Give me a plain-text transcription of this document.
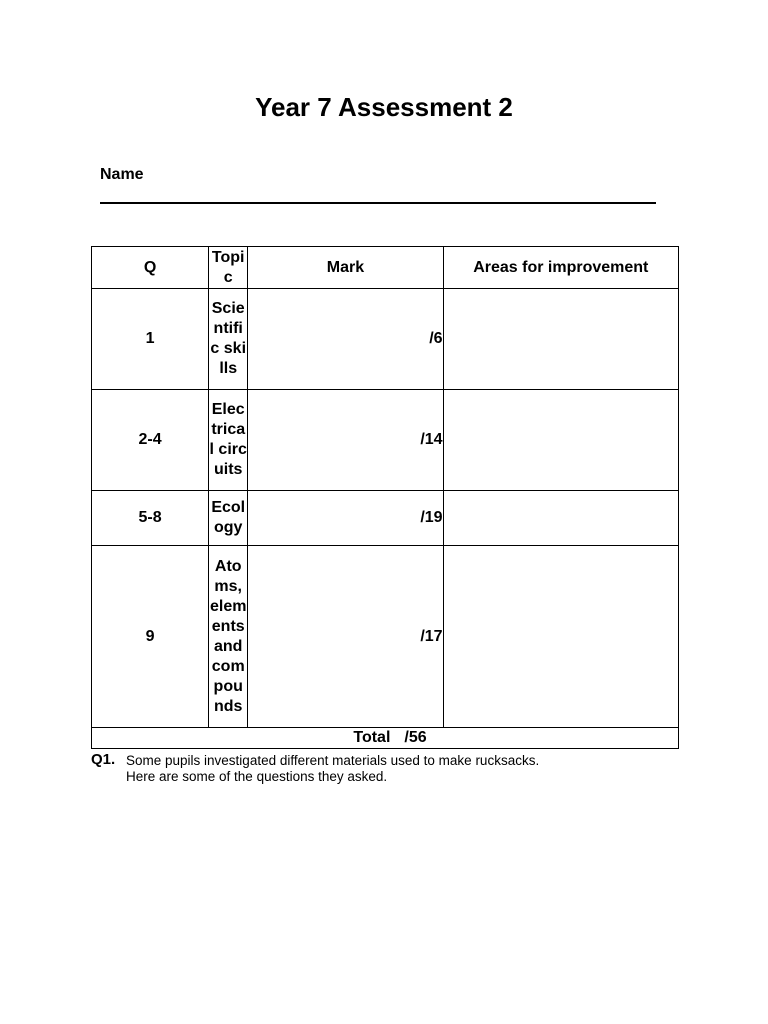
Year 7 Assessment 2
Name
Q	Topic	Mark	Areas for improvement
1	Scientific skills	/6	
2-4	Electrical circuits	/14	
5-8	Ecology	/19	
9	Atoms, elements and compounds	/17	
Total /56			
Q1. Some pupils investigated different materials used to make rucksacks.
Here are some of the questions they asked.
